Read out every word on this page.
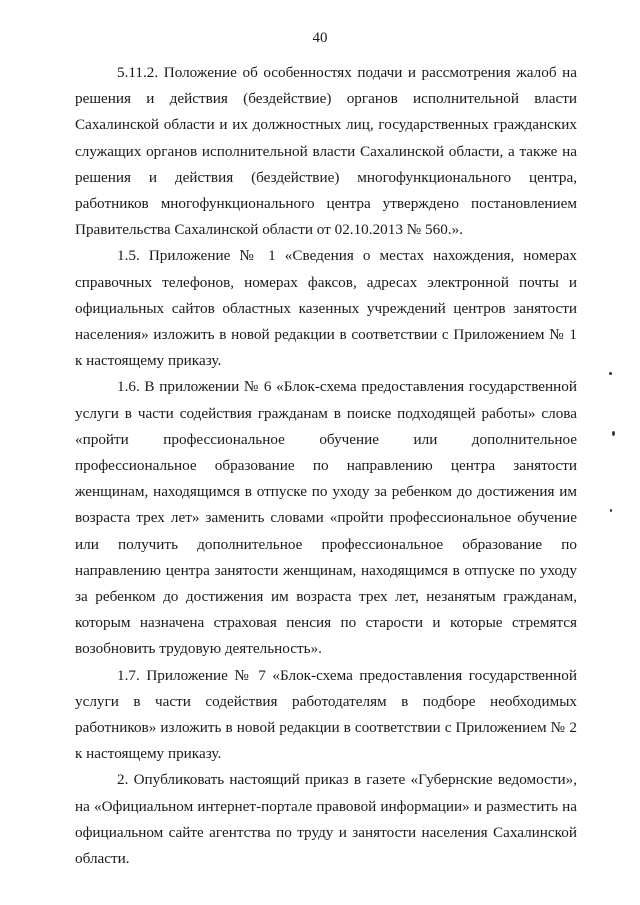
40

5.11.2. Положение об особенностях подачи и рассмотрения жалоб на решения и действия (бездействие) органов исполнительной власти Сахалинской области и их должностных лиц, государственных гражданских служащих органов исполнительной власти Сахалинской области, а также на решения и действия (бездействие) многофункционального центра, работников многофункционального центра утверждено постановлением Правительства Сахалинской области от 02.10.2013 № 560.».

1.5. Приложение № 1 «Сведения о местах нахождения, номерах справочных телефонов, номерах факсов, адресах электронной почты и официальных сайтов областных казенных учреждений центров занятости населения» изложить в новой редакции в соответствии с Приложением № 1 к настоящему приказу.

1.6. В приложении № 6 «Блок-схема предоставления государственной услуги в части содействия гражданам в поиске подходящей работы» слова «пройти профессиональное обучение или дополнительное профессиональное образование по направлению центра занятости женщинам, находящимся в отпуске по уходу за ребенком до достижения им возраста трех лет» заменить словами «пройти профессиональное обучение или получить дополнительное профессиональное образование по направлению центра занятости женщинам, находящимся в отпуске по уходу за ребенком до достижения им возраста трех лет, незанятым гражданам, которым назначена страховая пенсия по старости и которые стремятся возобновить трудовую деятельность».

1.7. Приложение № 7 «Блок-схема предоставления государственной услуги в части содействия работодателям в подборе необходимых работников» изложить в новой редакции в соответствии с Приложением № 2 к настоящему приказу.

2. Опубликовать настоящий приказ в газете «Губернские ведомости», на «Официальном интернет-портале правовой информации» и разместить на официальном сайте агентства по труду и занятости населения Сахалинской области.
